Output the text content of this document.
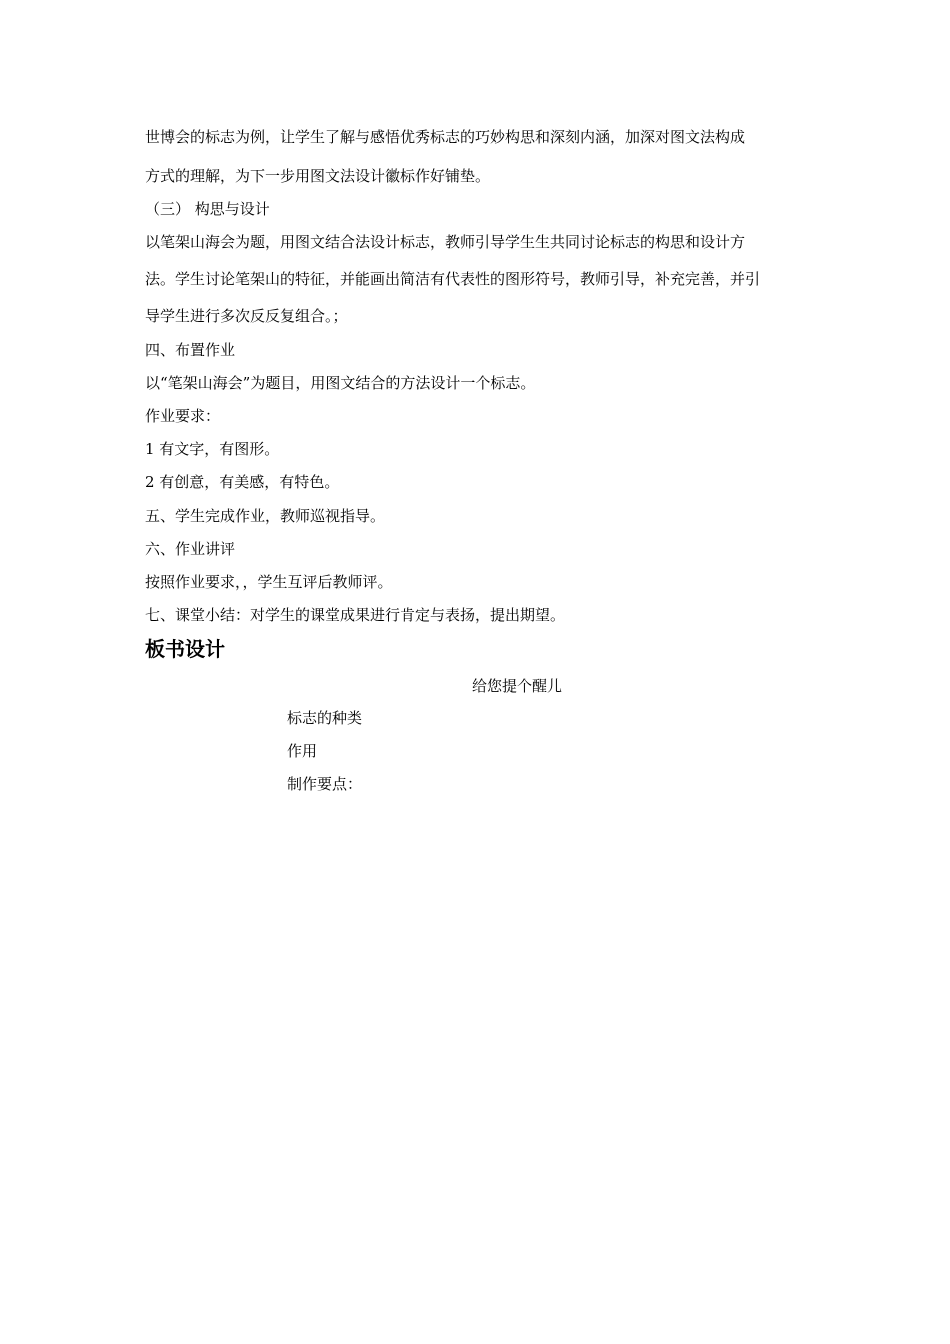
世博会的标志为例，让学生了解与感悟优秀标志的巧妙构思和深刻内涵，加深对图文法构成
方式的理解，为下一步用图文法设计徽标作好铺垫。
（三） 构思与设计
以笔架山海会为题，用图文结合法设计标志，教师引导学生生共同讨论标志的构思和设计方
法。学生讨论笔架山的特征，并能画出简洁有代表性的图形符号，教师引导，补充完善，并引
导学生进行多次反反复组合。；
四、布置作业
以“笔架山海会”为题目，用图文结合的方法设计一个标志。
作业要求：
1 有文字，有图形。
2 有创意，有美感，有特色。
五、学生完成作业，教师巡视指导。
六、作业讲评
按照作业要求，，学生互评后教师评。
七、课堂小结：对学生的课堂成果进行肯定与表扬，提出期望。
板书设计
给您提个醒儿
标志的种类
作用
制作要点：
